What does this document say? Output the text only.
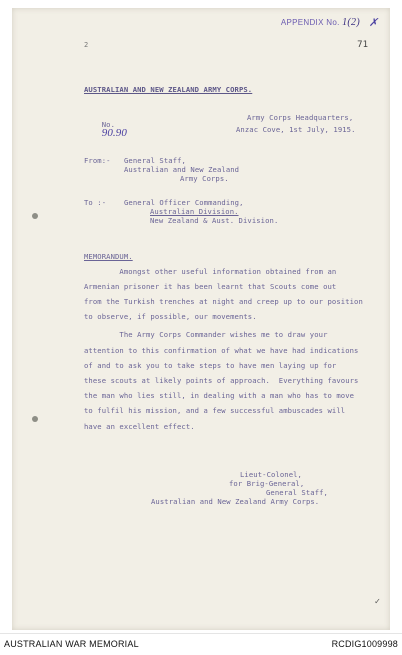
APPENDIX No. 1(2) ✗
71
2
AUSTRALIAN AND NEW ZEALAND ARMY CORPS.

No.
90.90

Army Corps Headquarters,
Anzac Cove, 1st July, 1915.
From:- General Staff,
Australian and New Zealand
Army Corps.
To :- General Officer Commanding,
Australian Division.
New Zealand & Aust. Division.
MEMORANDUM.
Amongst other useful information obtained from an
Armenian prisoner it has been learnt that Scouts come out
from the Turkish trenches at night and creep up to our position
to observe, if possible, our movements.
The Army Corps Commander wishes me to draw your
attention to this confirmation of what we have had indications
of and to ask you to take steps to have men laying up for
these scouts at likely points of approach.  Everything favours
the man who lies still, in dealing with a man who has to move
to fulfil his mission, and a few successful ambuscades will
have an excellent effect.
Lieut-Colonel,
for Brig-General,
General Staff,
Australian and New Zealand Army Corps.
✓
AUSTRALIAN WAR MEMORIAL	RCDIG1009998
